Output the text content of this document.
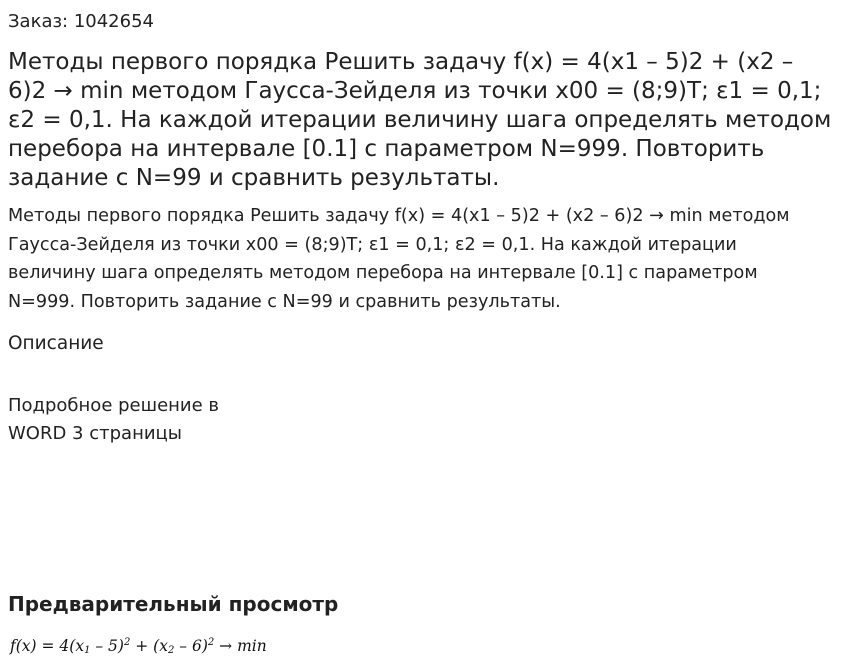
Заказ: 1042654
Методы первого порядка Решить задачу f(x) = 4(x1 – 5)2 + (x2 – 6)2 → min методом Гаусса-Зейделя из точки x00 = (8;9)T; ε1 = 0,1; ε2 = 0,1. На каждой итерации величину шага определять методом перебора на интервале [0.1] с параметром N=999. Повторить задание с N=99 и сравнить результаты.

Методы первого порядка Решить задачу f(x) = 4(x1 – 5)2 + (x2 – 6)2 → min методом Гаусса-Зейделя из точки x00 = (8;9)T; ε1 = 0,1; ε2 = 0,1. На каждой итерации величину шага определять методом перебора на интервале [0.1] с параметром N=999. Повторить задание с N=99 и сравнить результаты.

Описание
Подробное решение в
WORD 3 страницы
Предварительный просмотр
$f(x) = 4(x_1 - 5)^2 + (x_2 - 6)^2 \to \min$
